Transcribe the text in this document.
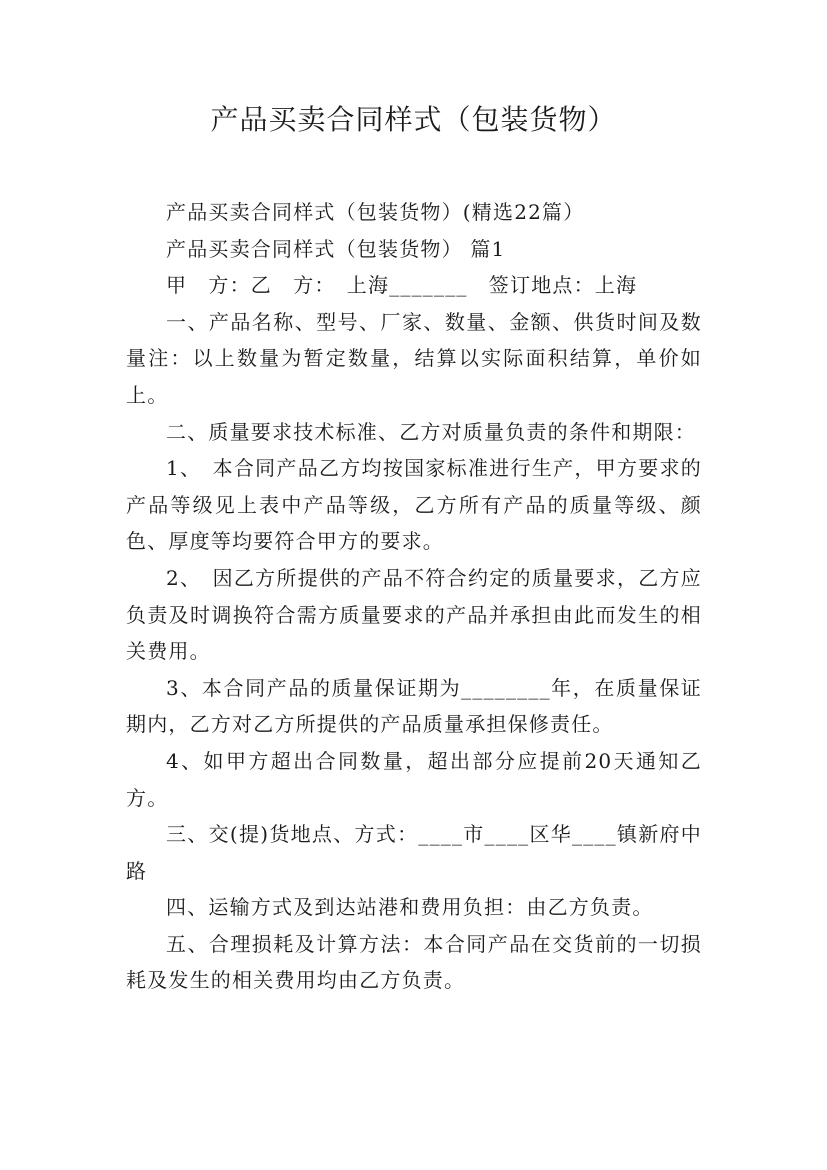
产品买卖合同样式（包装货物）

产品买卖合同样式（包装货物）(精选22篇）

产品买卖合同样式（包装货物） 篇1

甲　方：乙　方：　上海_______　签订地点：上海

一、产品名称、型号、厂家、数量、金额、供货时间及数量注：以上数量为暂定数量，结算以实际面积结算，单价如上。

二、质量要求技术标准、乙方对质量负责的条件和期限：

1、　本合同产品乙方均按国家标准进行生产，甲方要求的产品等级见上表中产品等级，乙方所有产品的质量等级、颜色、厚度等均要符合甲方的要求。

2、　因乙方所提供的产品不符合约定的质量要求，乙方应负责及时调换符合需方质量要求的产品并承担由此而发生的相关费用。

3、本合同产品的质量保证期为________年，在质量保证期内，乙方对乙方所提供的产品质量承担保修责任。

4、如甲方超出合同数量，超出部分应提前20天通知乙方。

三、交(提)货地点、方式：____市____区华____镇新府中路

四、运输方式及到达站港和费用负担：由乙方负责。

五、合理损耗及计算方法：本合同产品在交货前的一切损耗及发生的相关费用均由乙方负责。
